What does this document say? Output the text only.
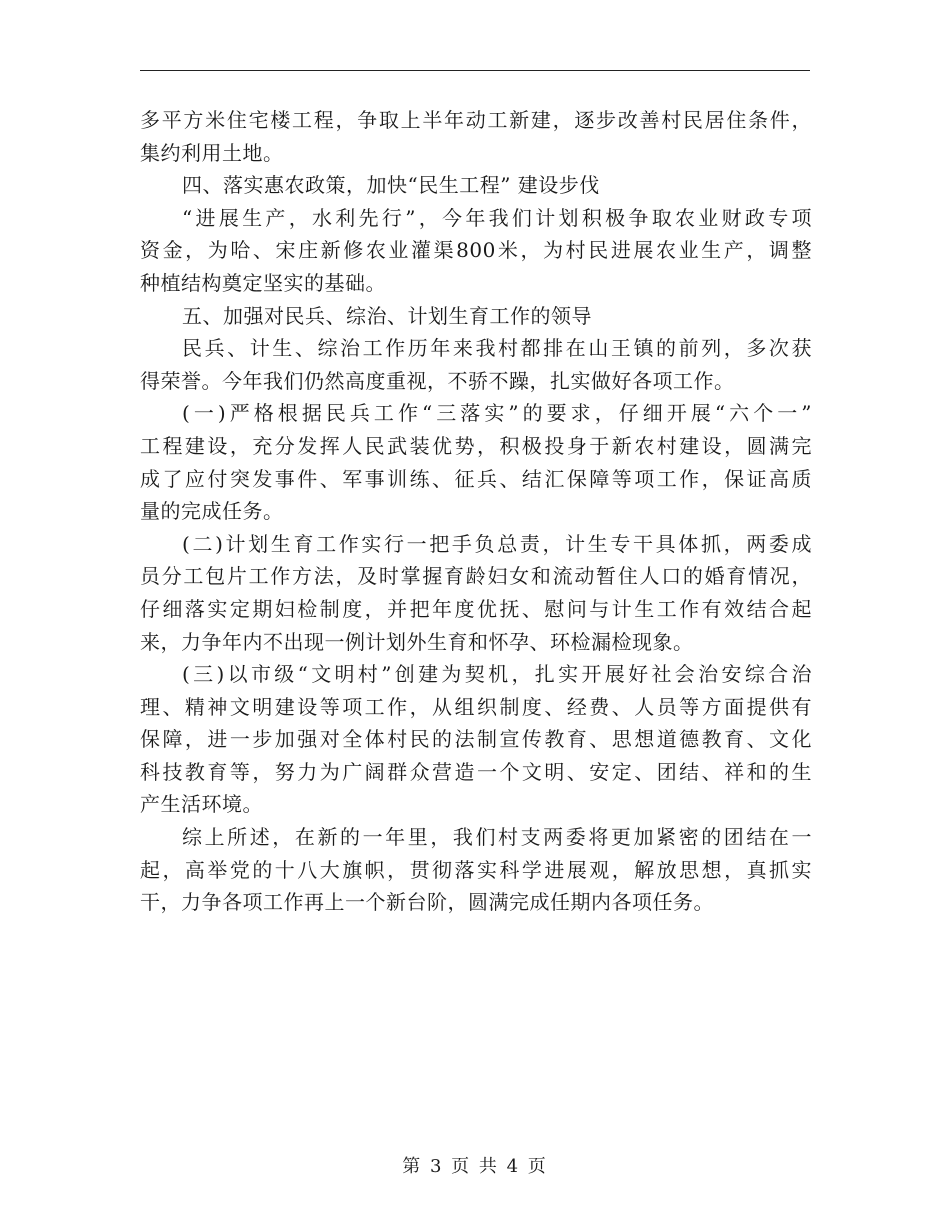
多平方米住宅楼工程，争取上半年动工新建，逐步改善村民居住条件，
集约利用土地。
四、落实惠农政策，加快“民生工程” 建设步伐
“进展生产，水利先行”，今年我们计划积极争取农业财政专项
资金，为哈、宋庄新修农业灌渠800米，为村民进展农业生产，调整
种植结构奠定坚实的基础。
五、加强对民兵、综治、计划生育工作的领导
民兵、计生、综治工作历年来我村都排在山王镇的前列，多次获
得荣誉。今年我们仍然高度重视，不骄不躁，扎实做好各项工作。
(一)严格根据民兵工作“三落实”的要求，仔细开展“六个一”
工程建设，充分发挥人民武装优势，积极投身于新农村建设，圆满完
成了应付突发事件、军事训练、征兵、结汇保障等项工作，保证高质
量的完成任务。
(二)计划生育工作实行一把手负总责，计生专干具体抓，两委成
员分工包片工作方法，及时掌握育龄妇女和流动暂住人口的婚育情况，
仔细落实定期妇检制度，并把年度优抚、慰问与计生工作有效结合起
来，力争年内不出现一例计划外生育和怀孕、环检漏检现象。
(三)以市级“文明村”创建为契机，扎实开展好社会治安综合治
理、精神文明建设等项工作，从组织制度、经费、人员等方面提供有
保障，进一步加强对全体村民的法制宣传教育、思想道德教育、文化
科技教育等，努力为广阔群众营造一个文明、安定、团结、祥和的生
产生活环境。
综上所述，在新的一年里，我们村支两委将更加紧密的团结在一
起，高举党的十八大旗帜，贯彻落实科学进展观，解放思想，真抓实
干，力争各项工作再上一个新台阶，圆满完成任期内各项任务。
第 3 页 共 4 页
